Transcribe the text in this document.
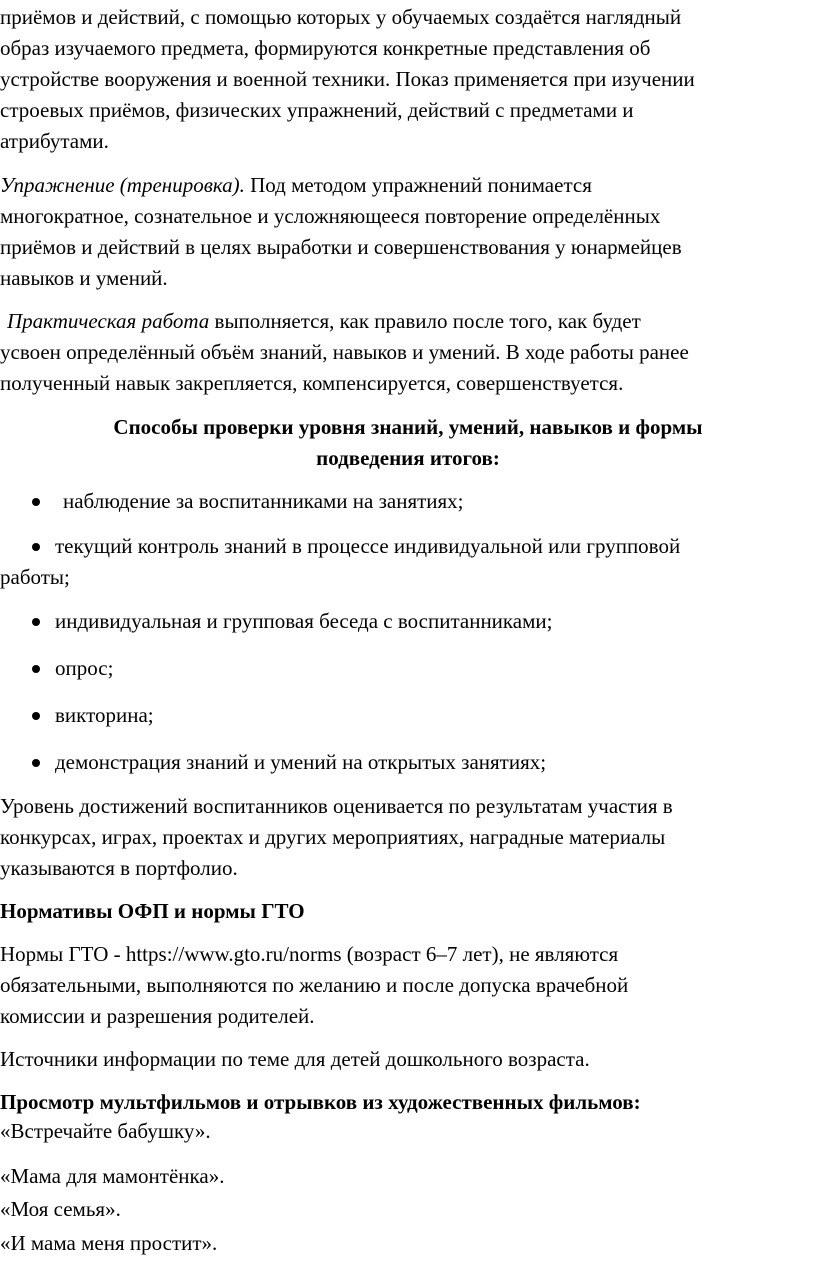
приёмов и действий, с помощью которых у обучаемых создаётся наглядный
образ изучаемого предмета, формируются конкретные представления об
устройстве вооружения и военной техники. Показ применяется при изучении
строевых приёмов, физических упражнений, действий с предметами и
атрибутами.
Упражнение (тренировка). Под методом упражнений понимается
многократное, сознательное и усложняющееся повторение определённых
приёмов и действий в целях выработки и совершенствования у юнармейцев
навыков и умений.
Практическая работа выполняется, как правило после того, как будет
усвоен определённый объём знаний, навыков и умений. В ходе работы ранее
полученный навык закрепляется, компенсируется, совершенствуется.
Способы проверки уровня знаний, умений, навыков и формы
подведения итогов:
наблюдение за воспитанниками на занятиях;
текущий контроль знаний в процессе индивидуальной или групповой
работы;
индивидуальная и групповая беседа с воспитанниками;
опрос;
викторина;
демонстрация знаний и умений на открытых занятиях;
Уровень достижений воспитанников оценивается по результатам участия в
конкурсах, играх, проектах и других мероприятиях, наградные материалы
указываются в портфолио.
Нормативы ОФП и нормы ГТО
Нормы ГТО - https://www.gto.ru/norms (возраст 6–7 лет), не являются
обязательными, выполняются по желанию и после допуска врачебной
комиссии и разрешения родителей.
Источники информации по теме для детей дошкольного возраста.
Просмотр мультфильмов и отрывков из художественных фильмов:
«Встречайте бабушку».
«Мама для мамонтёнка».
«Моя семья».
«И мама меня простит».
